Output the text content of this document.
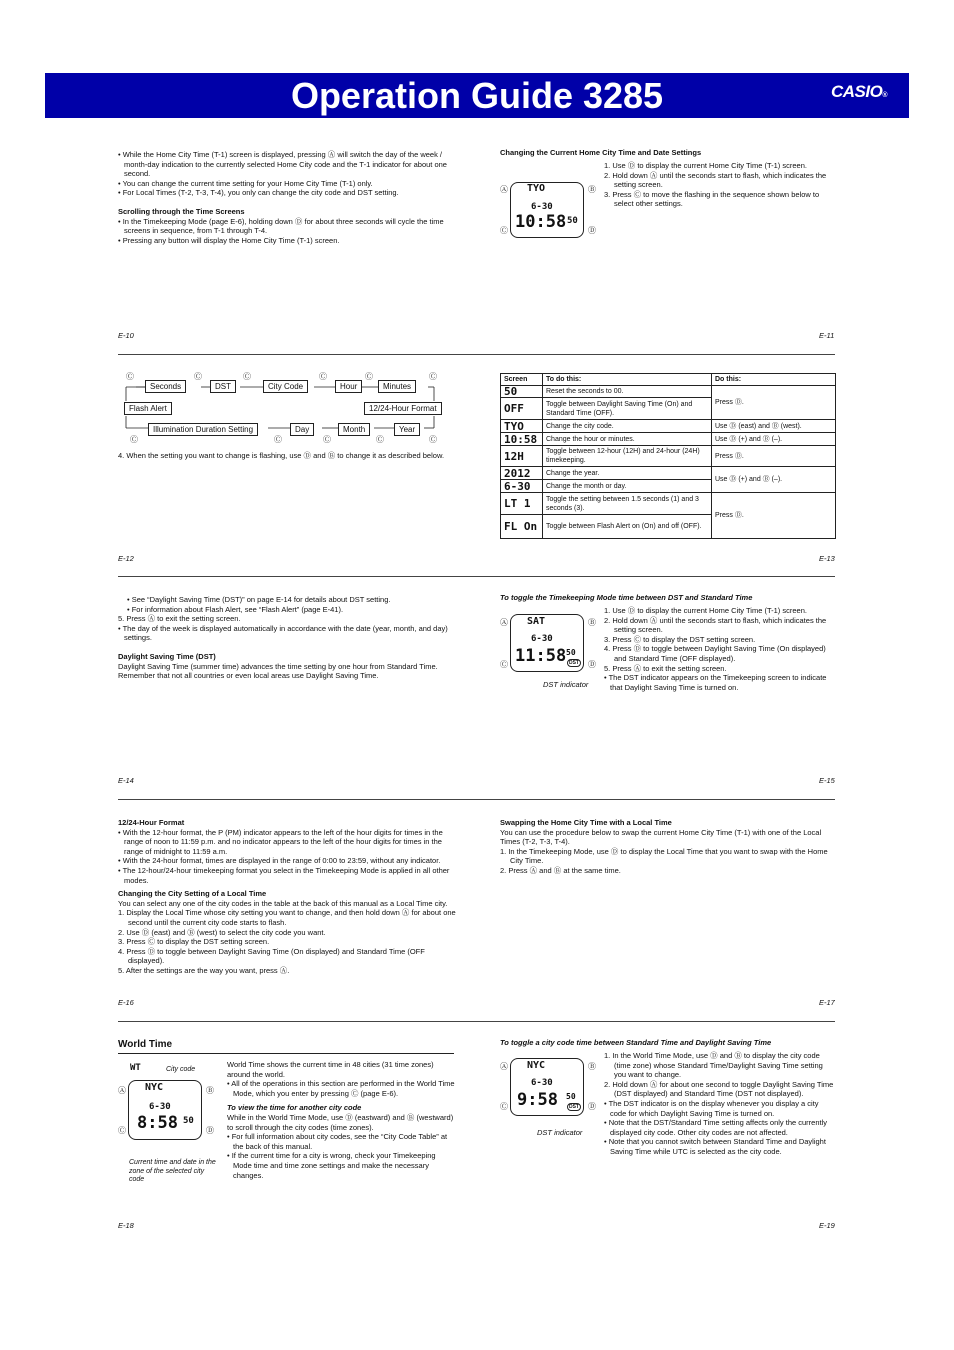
Operation Guide 3285	CASIO®

• While the Home City Time (T-1) screen is displayed, pressing Ⓐ will switch the day of the week / month-day indication to the currently selected Home City code and the T-1 indicator for about one second.

• You can change the current time setting for your Home City Time (T-1) only.

• For Local Times (T-2, T-3, T-4), you only can change the city code and DST setting.

Scrolling through the Time Screens

• In the Timekeeping Mode (page E-6), holding down Ⓓ for about three seconds will cycle the time screens in sequence, from T-1 through T-4.

• Pressing any button will display the Home City Time (T-1) screen.

E-10
Changing the Current Home City Time and Date Settings

1. Use Ⓓ to display the current Home City Time (T-1) screen.

2. Hold down Ⓐ until the seconds start to flash, which indicates the setting screen.

3. Press Ⓒ to move the flashing in the sequence shown below to select other settings.

Ⓐ	Ⓑ
Ⓒ	Ⓓ
TYO
6-30
10:58 50
E-11
Ⓒ	Ⓒ	Ⓒ	Ⓒ	Ⓒ	Ⓒ
Seconds	DST	City Code	Hour	Minutes
Flash Alert	12/24-Hour Format
Illumination Duration Setting	Day	Month	Year
Ⓒ	Ⓒ	Ⓒ	Ⓒ	Ⓒ
4. When the setting you want to change is flashing, use Ⓓ and Ⓑ to change it as described below.
E-12
Screen	To do this:	Do this:
50	Reset the seconds to 00.	Press Ⓓ.
OFF	Toggle between Daylight Saving Time (On) and Standard Time (OFF).	
TYO	Change the city code.	Use Ⓓ (east) and Ⓑ (west).
10:58	Change the hour or minutes.	Use Ⓓ (+) and Ⓑ (–).
12H	Toggle between 12-hour (12H) and 24-hour (24H) timekeeping.	Press Ⓓ.
2012	Change the year.	Use Ⓓ (+) and Ⓑ (–).
6-30	Change the month or day.	
LT 1	Toggle the setting between 1.5 seconds (1) and 3 seconds (3).	Press Ⓓ.
FL On	Toggle between Flash Alert on (On) and off (OFF).	
E-13

• See “Daylight Saving Time (DST)” on page E-14 for details about DST setting.

• For information about Flash Alert, see “Flash Alert” (page E-41).

5. Press Ⓐ to exit the setting screen.

• The day of the week is displayed automatically in accordance with the date (year, month, and day) settings.

Daylight Saving Time (DST)

Daylight Saving Time (summer time) advances the time setting by one hour from Standard Time. Remember that not all countries or even local areas use Daylight Saving Time.

E-14
To toggle the Timekeeping Mode time between DST and Standard Time

1. Use Ⓓ to display the current Home City Time (T-1) screen.

2. Hold down Ⓐ until the seconds start to flash, which indicates the setting screen.

3. Press Ⓒ to display the DST setting screen.

4. Press Ⓓ to toggle between Daylight Saving Time (On displayed) and Standard Time (OFF displayed).

5. Press Ⓐ to exit the setting screen.

• The DST indicator appears on the Timekeeping screen to indicate that Daylight Saving Time is turned on.

Ⓐ	Ⓑ
Ⓒ	Ⓓ
SAT
6-30
11:58 50
DST
DST indicator
E-15

12/24-Hour Format

• With the 12-hour format, the P (PM) indicator appears to the left of the hour digits for times in the range of noon to 11:59 p.m. and no indicator appears to the left of the hour digits for times in the range of midnight to 11:59 a.m.

• With the 24-hour format, times are displayed in the range of 0:00 to 23:59, without any indicator.

• The 12-hour/24-hour timekeeping format you select in the Timekeeping Mode is applied in all other modes.

Changing the City Setting of a Local Time

You can select any one of the city codes in the table at the back of this manual as a Local Time city.

1. Display the Local Time whose city setting you want to change, and then hold down Ⓐ for about one second until the current city code starts to flash.

2. Use Ⓓ (east) and Ⓑ (west) to select the city code you want.

3. Press Ⓒ to display the DST setting screen.

4. Press Ⓓ to toggle between Daylight Saving Time (On displayed) and Standard Time (OFF displayed).

5. After the settings are the way you want, press Ⓐ.

E-16

Swapping the Home City Time with a Local Time

You can use the procedure below to swap the current Home City Time (T-1) with one of the Local Times (T-2, T-3, T-4).

1. In the Timekeeping Mode, use Ⓓ to display the Local Time that you want to swap with the Home City Time.

2. Press Ⓐ and Ⓑ at the same time.

E-17
World Time
WT	City code
Ⓐ	Ⓑ
Ⓒ	Ⓓ
NYC
6-30
8:58 50
Current time and date in the zone of the selected city code

World Time shows the current time in 48 cities (31 time zones) around the world.

• All of the operations in this section are performed in the World Time Mode, which you enter by pressing Ⓒ (page E-6).

To view the time for another city code

While in the World Time Mode, use Ⓓ (eastward) and Ⓑ (westward) to scroll through the city codes (time zones).

• For full information about city codes, see the “City Code Table” at the back of this manual.

• If the current time for a city is wrong, check your Timekeeping Mode time and time zone settings and make the necessary changes.

E-18
To toggle a city code time between Standard Time and Daylight Saving Time

1. In the World Time Mode, use Ⓓ and Ⓑ to display the city code (time zone) whose Standard Time/Daylight Saving Time setting you want to change.

2. Hold down Ⓐ for about one second to toggle Daylight Saving Time (DST displayed) and Standard Time (DST not displayed).

• The DST indicator is on the display whenever you display a city code for which Daylight Saving Time is turned on.

• Note that the DST/Standard Time setting affects only the currently displayed city code. Other city codes are not affected.

• Note that you cannot switch between Standard Time and Daylight Saving Time while UTC is selected as the city code.

Ⓐ	Ⓑ
Ⓒ	Ⓓ
NYC
6-30
9:58 50
DST
DST indicator
E-19
